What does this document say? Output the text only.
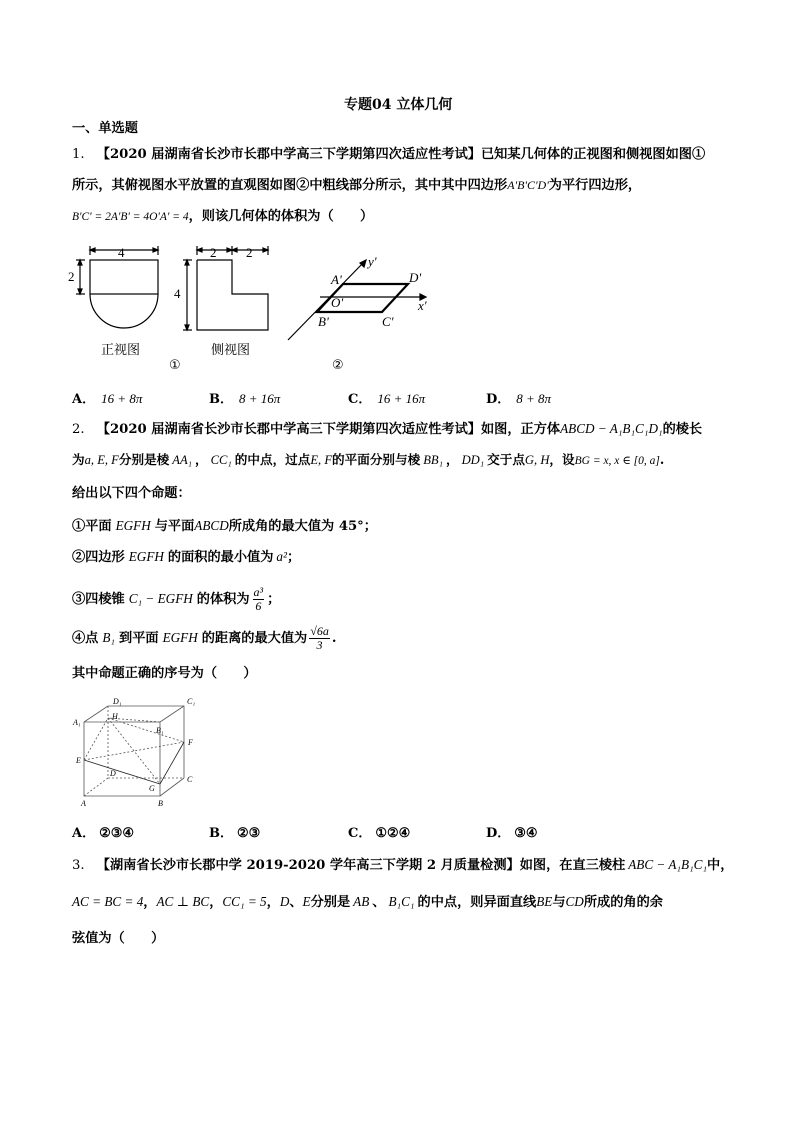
专题04 立体几何
一、单选题
1. 【2020 届湖南省长沙市长郡中学高三下学期第四次适应性考试】已知某几何体的正视图和侧视图如图①
所示，其俯视图水平放置的直观图如图②中粗线部分所示，其中其中四边形A'B'C'D'为平行四边形，
B'C' = 2A'B' = 4O'A' = 4，则该几何体的体积为（　　）
4
2
正视图
2 2
4
侧视图
①
y'
x'
A'	D'
O'
B'	C'
②
A． 16 + 8π	B． 8 + 16π	C． 16 + 16π	D． 8 + 8π
2. 【2020 届湖南省长沙市长郡中学高三下学期第四次适应性考试】如图，正方体ABCD − A₁B₁C₁D₁的棱长
为a, E, F分别是棱 AA₁ ， CC₁ 的中点，过点E, F的平面分别与棱 BB₁ ， DD₁ 交于点G, H，设BG = x, x ∈ [0, a].
给出以下四个命题：
①平面 EGFH 与平面ABCD所成角的最大值为 45°；
②四边形 EGFH 的面积的最小值为 a²；
③四棱锥 C₁ − EGFH 的体积为 $\frac{\text{a³}}{6}$ ；
④点 B₁ 到平面 EGFH 的距离的最大值为 $\frac{√6a}{3}$ .
其中命题正确的序号为（　　）
D₁	C₁
A₁
H
B₁
F
E
D
C
G
A	B
A． ②③④	B． ②③	C． ①②④	D． ③④
3. 【湖南省长沙市长郡中学 2019-2020 学年高三下学期 2 月质量检测】如图，在直三棱柱 ABC − A₁B₁C₁中，
AC = BC = 4，AC ⊥ BC，CC₁ = 5，D、E分别是 AB 、 B₁C₁ 的中点，则异面直线BE与CD所成的角的余
弦值为（　　）
